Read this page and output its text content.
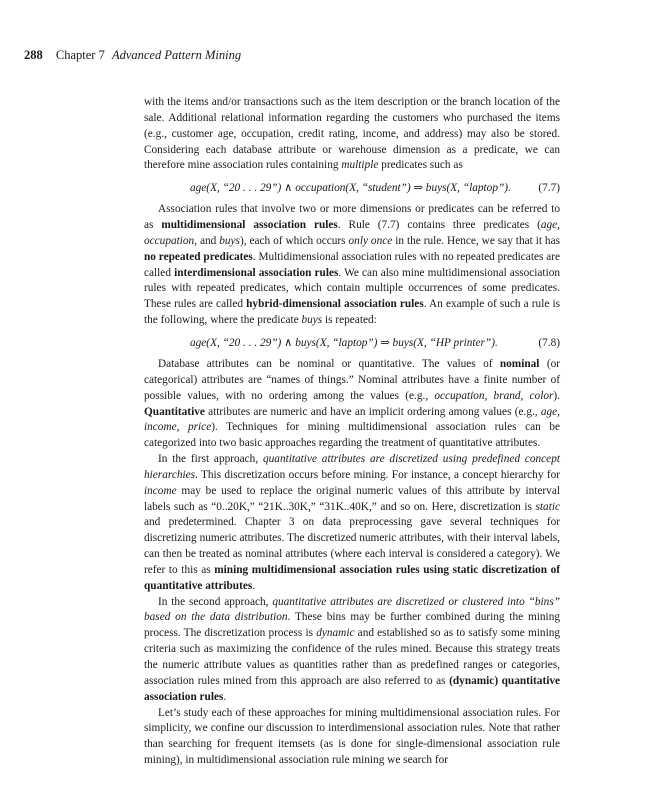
288 Chapter 7 Advanced Pattern Mining

with the items and/or transactions such as the item description or the branch location of the sale. Additional relational information regarding the customers who purchased the items (e.g., customer age, occupation, credit rating, income, and address) may also be stored. Considering each database attribute or warehouse dimension as a predicate, we can therefore mine association rules containing multiple predicates such as

age(X, “20 . . . 29”) ∧ occupation(X, “student”) ⇒ buys(X, “laptop”). (7.7)

Association rules that involve two or more dimensions or predicates can be referred to as multidimensional association rules. Rule (7.7) contains three predicates (age, occupation, and buys), each of which occurs only once in the rule. Hence, we say that it has no repeated predicates. Multidimensional association rules with no repeated predicates are called interdimensional association rules. We can also mine multidimensional association rules with repeated predicates, which contain multiple occurrences of some predicates. These rules are called hybrid-dimensional association rules. An example of such a rule is the following, where the predicate buys is repeated:

age(X, “20 . . . 29”) ∧ buys(X, “laptop”) ⇒ buys(X, “HP printer”).	(7.8)

Database attributes can be nominal or quantitative. The values of nominal (or categorical) attributes are “names of things.” Nominal attributes have a finite number of possible values, with no ordering among the values (e.g., occupation, brand, color). Quantitative attributes are numeric and have an implicit ordering among values (e.g., age, income, price). Techniques for mining multidimensional association rules can be categorized into two basic approaches regarding the treatment of quantitative attributes.

In the first approach, quantitative attributes are discretized using predefined concept hierarchies. This discretization occurs before mining. For instance, a concept hierarchy for income may be used to replace the original numeric values of this attribute by interval labels such as “0..20K,” “21K..30K,” “31K..40K,” and so on. Here, discretization is static and predetermined. Chapter 3 on data preprocessing gave several techniques for discretizing numeric attributes. The discretized numeric attributes, with their interval labels, can then be treated as nominal attributes (where each interval is considered a category). We refer to this as mining multidimensional association rules using static discretization of quantitative attributes.

In the second approach, quantitative attributes are discretized or clustered into “bins” based on the data distribution. These bins may be further combined during the mining process. The discretization process is dynamic and established so as to satisfy some mining criteria such as maximizing the confidence of the rules mined. Because this strategy treats the numeric attribute values as quantities rather than as predefined ranges or categories, association rules mined from this approach are also referred to as (dynamic) quantitative association rules.

Let’s study each of these approaches for mining multidimensional association rules. For simplicity, we confine our discussion to interdimensional association rules. Note that rather than searching for frequent itemsets (as is done for single-dimensional association rule mining), in multidimensional association rule mining we search for
